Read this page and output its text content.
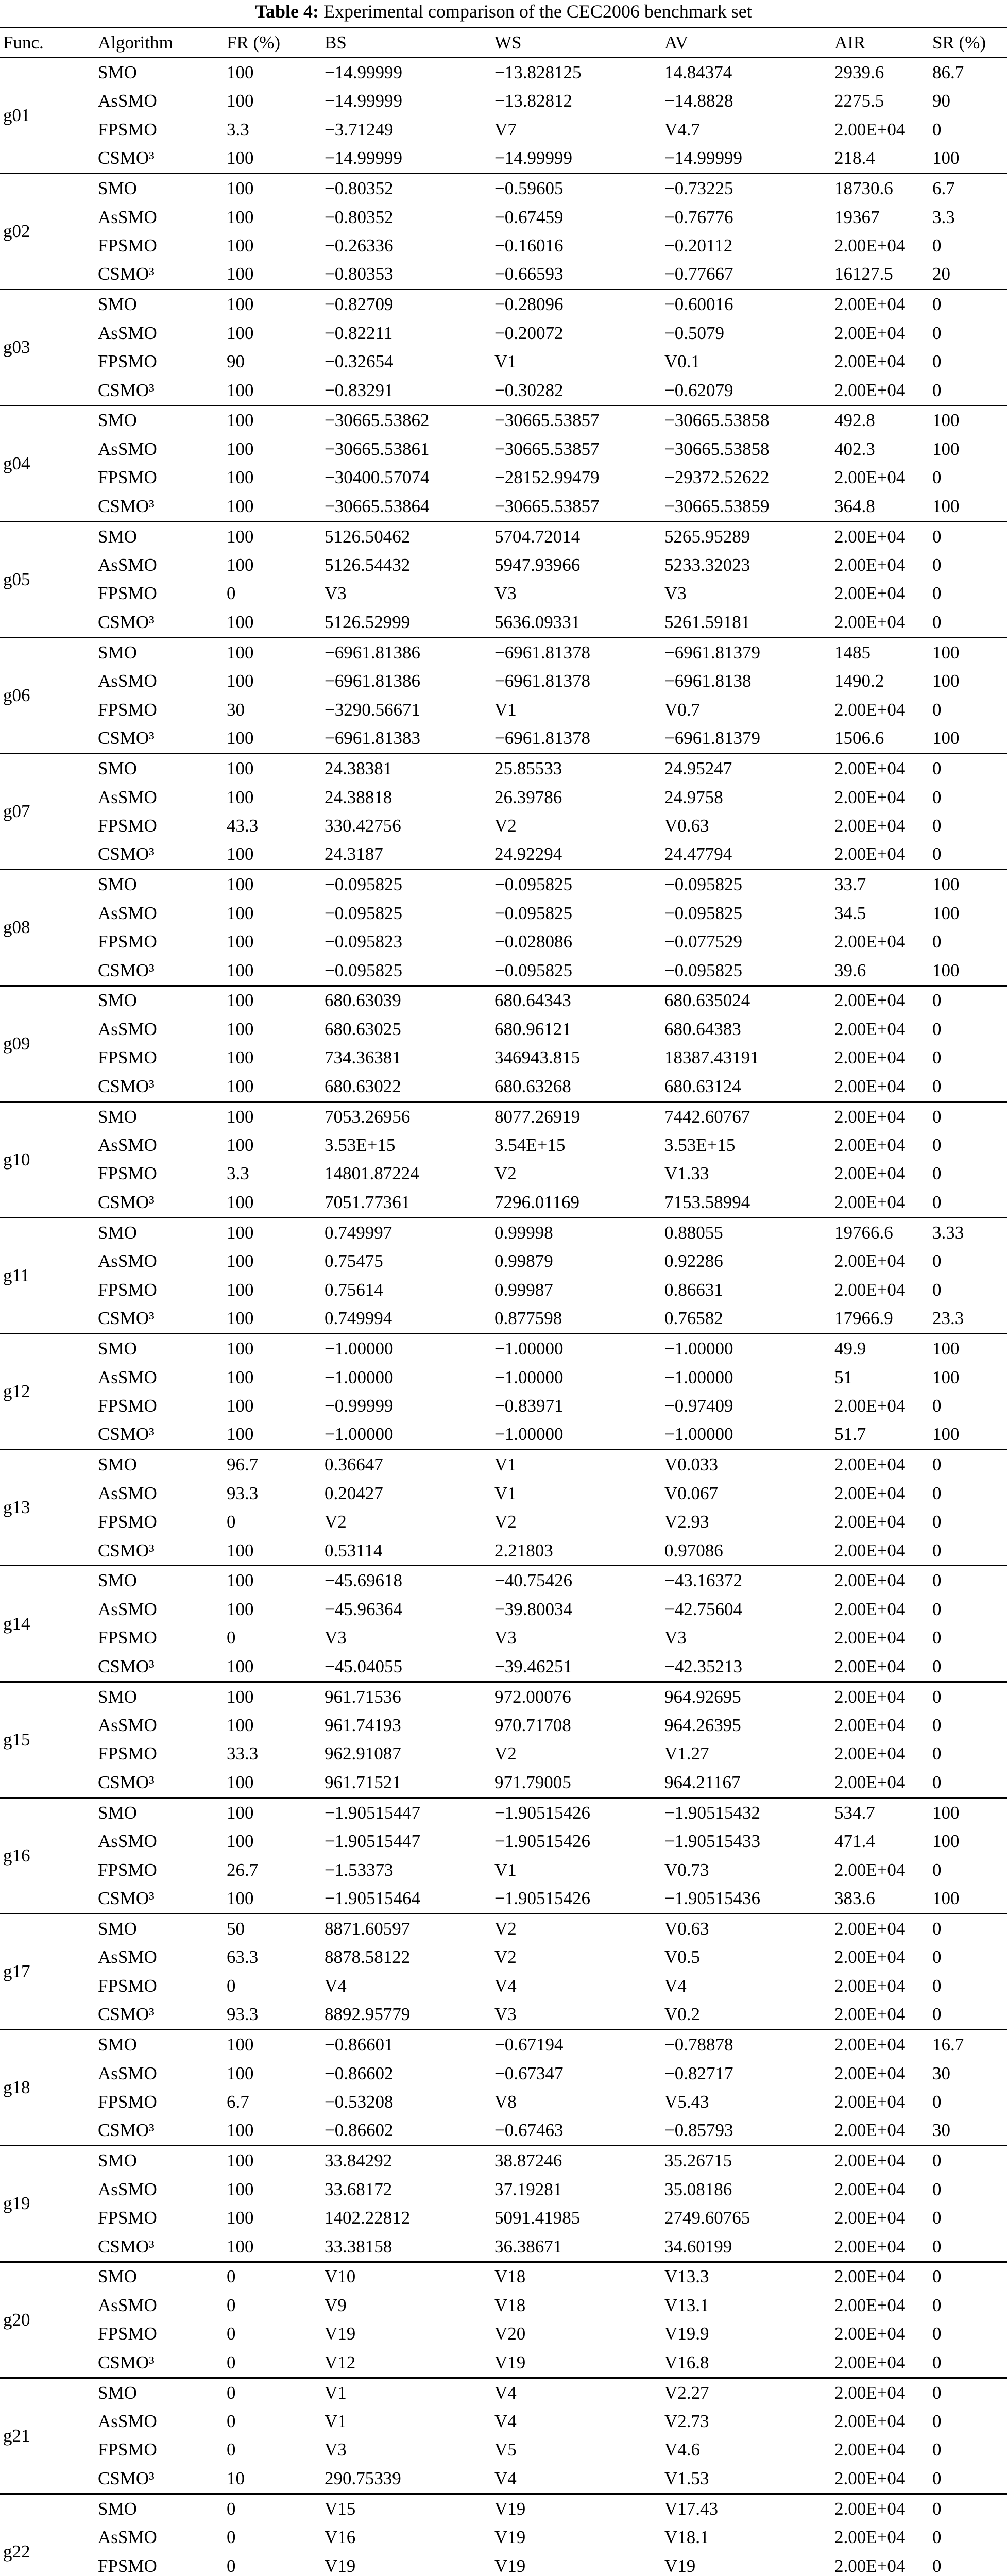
Table 4: Experimental comparison of the CEC2006 benchmark set
Func.	Algorithm	FR (%)	BS	WS	AV	AIR	SR (%)
g01	SMO	100	−14.99999	−13.828125	14.84374	2939.6	86.7
	AsSMO	100	−14.99999	−13.82812	−14.8828	2275.5	90
	FPSMO	3.3	−3.71249	V7	V4.7	2.00E+04	0
	CSMO³	100	−14.99999	−14.99999	−14.99999	218.4	100
g02	SMO	100	−0.80352	−0.59605	−0.73225	18730.6	6.7
	AsSMO	100	−0.80352	−0.67459	−0.76776	19367	3.3
	FPSMO	100	−0.26336	−0.16016	−0.20112	2.00E+04	0
	CSMO³	100	−0.80353	−0.66593	−0.77667	16127.5	20
g03	SMO	100	−0.82709	−0.28096	−0.60016	2.00E+04	0
	AsSMO	100	−0.82211	−0.20072	−0.5079	2.00E+04	0
	FPSMO	90	−0.32654	V1	V0.1	2.00E+04	0
	CSMO³	100	−0.83291	−0.30282	−0.62079	2.00E+04	0
g04	SMO	100	−30665.53862	−30665.53857	−30665.53858	492.8	100
	AsSMO	100	−30665.53861	−30665.53857	−30665.53858	402.3	100
	FPSMO	100	−30400.57074	−28152.99479	−29372.52622	2.00E+04	0
	CSMO³	100	−30665.53864	−30665.53857	−30665.53859	364.8	100
g05	SMO	100	5126.50462	5704.72014	5265.95289	2.00E+04	0
	AsSMO	100	5126.54432	5947.93966	5233.32023	2.00E+04	0
	FPSMO	0	V3	V3	V3	2.00E+04	0
	CSMO³	100	5126.52999	5636.09331	5261.59181	2.00E+04	0
g06	SMO	100	−6961.81386	−6961.81378	−6961.81379	1485	100
	AsSMO	100	−6961.81386	−6961.81378	−6961.8138	1490.2	100
	FPSMO	30	−3290.56671	V1	V0.7	2.00E+04	0
	CSMO³	100	−6961.81383	−6961.81378	−6961.81379	1506.6	100
g07	SMO	100	24.38381	25.85533	24.95247	2.00E+04	0
	AsSMO	100	24.38818	26.39786	24.9758	2.00E+04	0
	FPSMO	43.3	330.42756	V2	V0.63	2.00E+04	0
	CSMO³	100	24.3187	24.92294	24.47794	2.00E+04	0
g08	SMO	100	−0.095825	−0.095825	−0.095825	33.7	100
	AsSMO	100	−0.095825	−0.095825	−0.095825	34.5	100
	FPSMO	100	−0.095823	−0.028086	−0.077529	2.00E+04	0
	CSMO³	100	−0.095825	−0.095825	−0.095825	39.6	100
g09	SMO	100	680.63039	680.64343	680.635024	2.00E+04	0
	AsSMO	100	680.63025	680.96121	680.64383	2.00E+04	0
	FPSMO	100	734.36381	346943.815	18387.43191	2.00E+04	0
	CSMO³	100	680.63022	680.63268	680.63124	2.00E+04	0
g10	SMO	100	7053.26956	8077.26919	7442.60767	2.00E+04	0
	AsSMO	100	3.53E+15	3.54E+15	3.53E+15	2.00E+04	0
	FPSMO	3.3	14801.87224	V2	V1.33	2.00E+04	0
	CSMO³	100	7051.77361	7296.01169	7153.58994	2.00E+04	0
g11	SMO	100	0.749997	0.99998	0.88055	19766.6	3.33
	AsSMO	100	0.75475	0.99879	0.92286	2.00E+04	0
	FPSMO	100	0.75614	0.99987	0.86631	2.00E+04	0
	CSMO³	100	0.749994	0.877598	0.76582	17966.9	23.3
g12	SMO	100	−1.00000	−1.00000	−1.00000	49.9	100
	AsSMO	100	−1.00000	−1.00000	−1.00000	51	100
	FPSMO	100	−0.99999	−0.83971	−0.97409	2.00E+04	0
	CSMO³	100	−1.00000	−1.00000	−1.00000	51.7	100
g13	SMO	96.7	0.36647	V1	V0.033	2.00E+04	0
	AsSMO	93.3	0.20427	V1	V0.067	2.00E+04	0
	FPSMO	0	V2	V2	V2.93	2.00E+04	0
	CSMO³	100	0.53114	2.21803	0.97086	2.00E+04	0
g14	SMO	100	−45.69618	−40.75426	−43.16372	2.00E+04	0
	AsSMO	100	−45.96364	−39.80034	−42.75604	2.00E+04	0
	FPSMO	0	V3	V3	V3	2.00E+04	0
	CSMO³	100	−45.04055	−39.46251	−42.35213	2.00E+04	0
g15	SMO	100	961.71536	972.00076	964.92695	2.00E+04	0
	AsSMO	100	961.74193	970.71708	964.26395	2.00E+04	0
	FPSMO	33.3	962.91087	V2	V1.27	2.00E+04	0
	CSMO³	100	961.71521	971.79005	964.21167	2.00E+04	0
g16	SMO	100	−1.90515447	−1.90515426	−1.90515432	534.7	100
	AsSMO	100	−1.90515447	−1.90515426	−1.90515433	471.4	100
	FPSMO	26.7	−1.53373	V1	V0.73	2.00E+04	0
	CSMO³	100	−1.90515464	−1.90515426	−1.90515436	383.6	100
g17	SMO	50	8871.60597	V2	V0.63	2.00E+04	0
	AsSMO	63.3	8878.58122	V2	V0.5	2.00E+04	0
	FPSMO	0	V4	V4	V4	2.00E+04	0
	CSMO³	93.3	8892.95779	V3	V0.2	2.00E+04	0
g18	SMO	100	−0.86601	−0.67194	−0.78878	2.00E+04	16.7
	AsSMO	100	−0.86602	−0.67347	−0.82717	2.00E+04	30
	FPSMO	6.7	−0.53208	V8	V5.43	2.00E+04	0
	CSMO³	100	−0.86602	−0.67463	−0.85793	2.00E+04	30
g19	SMO	100	33.84292	38.87246	35.26715	2.00E+04	0
	AsSMO	100	33.68172	37.19281	35.08186	2.00E+04	0
	FPSMO	100	1402.22812	5091.41985	2749.60765	2.00E+04	0
	CSMO³	100	33.38158	36.38671	34.60199	2.00E+04	0
g20	SMO	0	V10	V18	V13.3	2.00E+04	0
	AsSMO	0	V9	V18	V13.1	2.00E+04	0
	FPSMO	0	V19	V20	V19.9	2.00E+04	0
	CSMO³	0	V12	V19	V16.8	2.00E+04	0
g21	SMO	0	V1	V4	V2.27	2.00E+04	0
	AsSMO	0	V1	V4	V2.73	2.00E+04	0
	FPSMO	0	V3	V5	V4.6	2.00E+04	0
	CSMO³	10	290.75339	V4	V1.53	2.00E+04	0
g22	SMO	0	V15	V19	V17.43	2.00E+04	0
	AsSMO	0	V16	V19	V18.1	2.00E+04	0
	FPSMO	0	V19	V19	V19	2.00E+04	0
